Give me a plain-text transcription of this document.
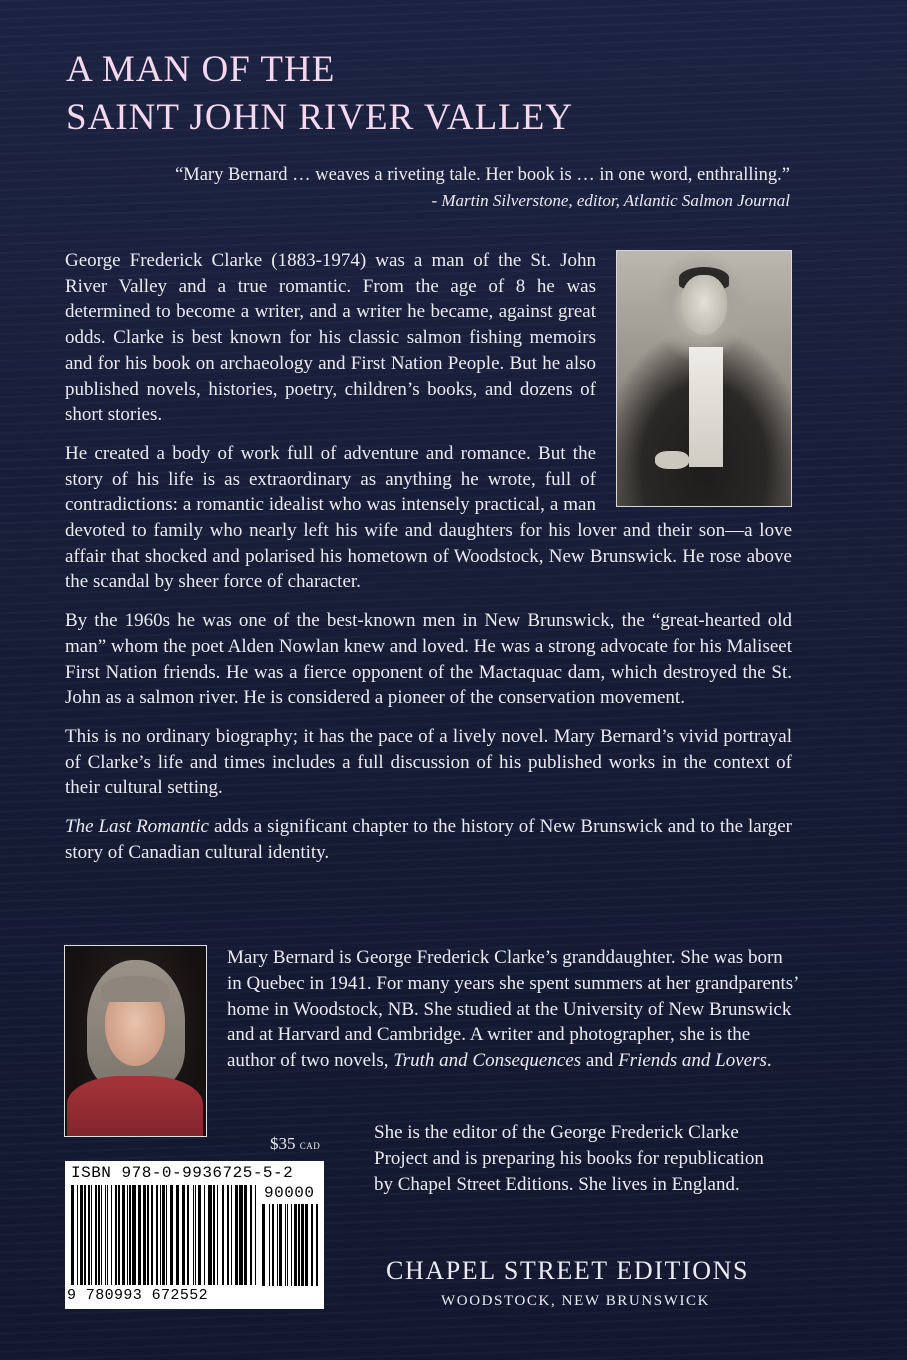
A MAN OF THE
SAINT JOHN RIVER VALLEY
“Mary Bernard … weaves a riveting tale. Her book is … in one word, enthralling.”
- Martin Silverstone, editor, Atlantic Salmon Journal

George Frederick Clarke (1883-1974) was a man of the St. John River Valley and a true romantic. From the age of 8 he was determined to become a writer, and a writer he became, against great odds. Clarke is best known for his classic salmon fishing memoirs and for his book on archaeology and First Nation People. But he also published novels, histories, poetry, children’s books, and dozens of short stories.

He created a body of work full of adventure and romance. But the story of his life is as extraordinary as anything he wrote, full of contradictions: a romantic idealist who was intensely practical, a man devoted to family who nearly left his wife and daughters for his lover and their son—a love affair that shocked and polarised his hometown of Woodstock, New Brunswick. He rose above the scandal by sheer force of character.

By the 1960s he was one of the best-known men in New Brunswick, the “great-hearted old man” whom the poet Alden Nowlan knew and loved. He was a strong advocate for his Maliseet First Nation friends. He was a fierce opponent of the Mactaquac dam, which destroyed the St. John as a salmon river. He is considered a pioneer of the conservation movement.

This is no ordinary biography; it has the pace of a lively novel. Mary Bernard’s vivid portrayal of Clarke’s life and times includes a full discussion of his published works in the context of their cultural setting.

The Last Romantic adds a significant chapter to the history of New Brunswick and to the larger story of Canadian cultural identity.

Mary Bernard is George Frederick Clarke’s granddaughter. She was born in Quebec in 1941. For many years she spent summers at her grandparents’ home in Woodstock, NB. She studied at the University of New Brunswick and at Harvard and Cambridge. A writer and photographer, she is the author of two novels, Truth and Consequences and Friends and Lovers.
She is the editor of the George Frederick Clarke Project and is preparing his books for republication by Chapel Street Editions. She lives in England.
$35 CAD
ISBN 978-0-9936725-5-2
90000
9 780993 672552
CHAPEL STREET EDITIONS
WOODSTOCK, NEW BRUNSWICK
